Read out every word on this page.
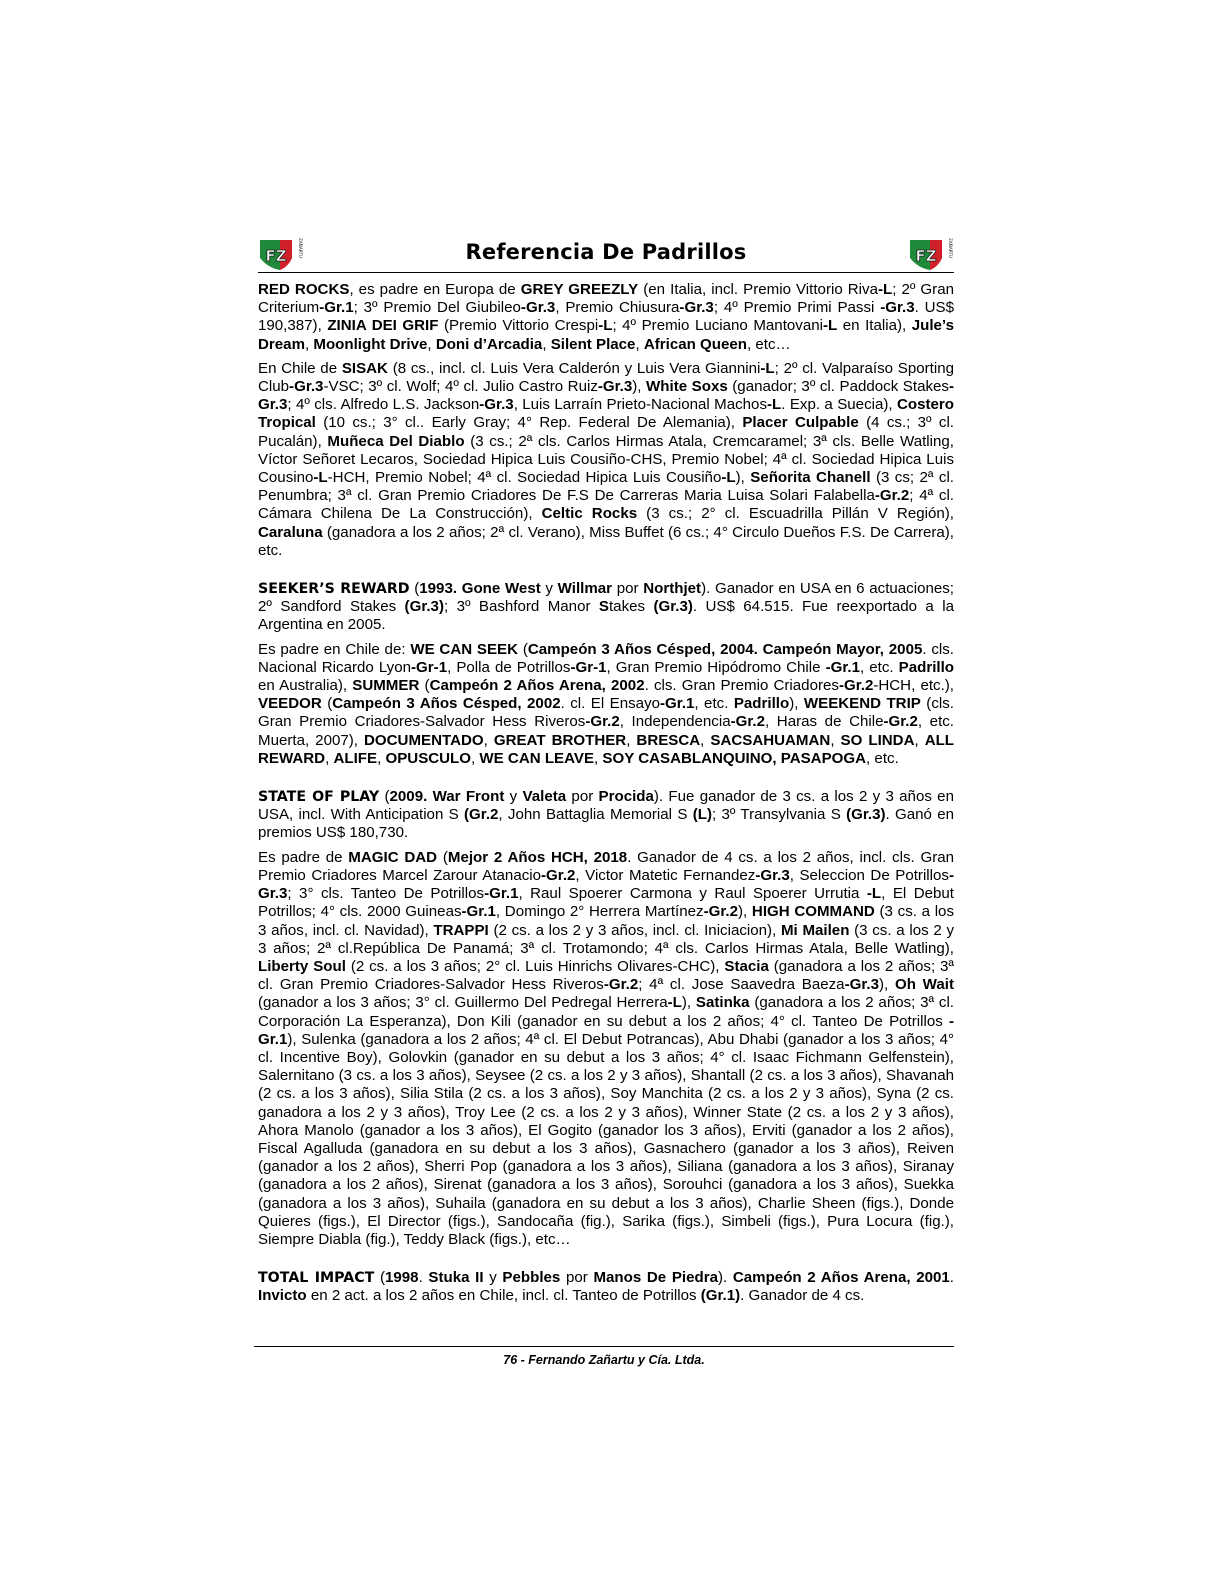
FZ	ZAÑARTU	Referencia De Padrillos	FZ	ZAÑARTU

RED ROCKS, es padre en Europa de GREY GREEZLY (en Italia, incl. Premio Vittorio Riva-L; 2º Gran Criterium-Gr.1; 3º Premio Del Giubileo-Gr.3, Premio Chiusura-Gr.3; 4º Premio Primi Passi -Gr.3. US$ 190,387), ZINIA DEI GRIF (Premio Vittorio Crespi-L; 4º Premio Luciano Mantovani-L en Italia), Jule’s Dream, Moonlight Drive, Doni d’Arcadia, Silent Place, African Queen, etc…

En Chile de SISAK (8 cs., incl. cl. Luis Vera Calderón y Luis Vera Giannini-L; 2º cl. Valparaíso Sporting Club-Gr.3-VSC; 3º cl. Wolf; 4º cl. Julio Castro Ruiz-Gr.3), White Soxs (ganador; 3º cl. Paddock Stakes-Gr.3; 4º cls. Alfredo L.S. Jackson-Gr.3, Luis Larraín Prieto-Nacional Machos-L. Exp. a Suecia), Costero Tropical (10 cs.; 3° cl.. Early Gray; 4° Rep. Federal De Alemania), Placer Culpable (4 cs.; 3º cl. Pucalán), Muñeca Del Diablo (3 cs.; 2ª cls. Carlos Hirmas Atala, Cremcaramel; 3ª cls. Belle Watling, Víctor Señoret Lecaros, Sociedad Hipica Luis Cousiño-CHS, Premio Nobel; 4ª cl. Sociedad Hipica Luis Cousino-L-HCH, Premio Nobel; 4ª cl. Sociedad Hipica Luis Cousiño-L), Señorita Chanell (3 cs; 2ª cl. Penumbra; 3ª cl. Gran Premio Criadores De F.S De Carreras Maria Luisa Solari Falabella-Gr.2; 4ª cl. Cámara Chilena De La Construcción), Celtic Rocks (3 cs.; 2° cl. Escuadrilla Pillán V Región), Caraluna (ganadora a los 2 años; 2ª cl. Verano), Miss Buffet (6 cs.; 4° Circulo Dueños F.S. De Carrera), etc.

SEEKER’S REWARD (1993. Gone West y Willmar por Northjet). Ganador en USA en 6 actuaciones; 2º Sandford Stakes (Gr.3); 3º Bashford Manor Stakes (Gr.3). US$ 64.515. Fue reexportado a la Argentina en 2005.

Es padre en Chile de: WE CAN SEEK (Campeón 3 Años Césped, 2004. Campeón Mayor, 2005. cls. Nacional Ricardo Lyon-Gr-1, Polla de Potrillos-Gr-1, Gran Premio Hipódromo Chile -Gr.1, etc. Padrillo en Australia), SUMMER (Campeón 2 Años Arena, 2002. cls. Gran Premio Criadores-Gr.2-HCH, etc.), VEEDOR (Campeón 3 Años Césped, 2002. cl. El Ensayo-Gr.1, etc. Padrillo), WEEKEND TRIP (cls. Gran Premio Criadores-Salvador Hess Riveros-Gr.2, Independencia-Gr.2, Haras de Chile-Gr.2, etc. Muerta, 2007), DOCUMENTADO, GREAT BROTHER, BRESCA, SACSAHUAMAN, SO LINDA, ALL REWARD, ALIFE, OPUSCULO, WE CAN LEAVE, SOY CASABLANQUINO, PASAPOGA, etc.

STATE OF PLAY (2009. War Front y Valeta por Procida). Fue ganador de 3 cs. a los 2 y 3 años en USA, incl. With Anticipation S (Gr.2, John Battaglia Memorial S (L); 3º Transylvania S (Gr.3). Ganó en premios US$ 180,730.

Es padre de MAGIC DAD (Mejor 2 Años HCH, 2018. Ganador de 4 cs. a los 2 años, incl. cls. Gran Premio Criadores Marcel Zarour Atanacio-Gr.2, Victor Matetic Fernandez-Gr.3, Seleccion De Potrillos-Gr.3; 3° cls. Tanteo De Potrillos-Gr.1, Raul Spoerer Carmona y Raul Spoerer Urrutia -L, El Debut Potrillos; 4° cls. 2000 Guineas-Gr.1, Domingo 2° Herrera Martínez-Gr.2), HIGH COMMAND (3 cs. a los 3 años, incl. cl. Navidad), TRAPPI (2 cs. a los 2 y 3 años, incl. cl. Iniciacion), Mi Mailen (3 cs. a los 2 y 3 años; 2ª cl.República De Panamá; 3ª cl. Trotamondo; 4ª cls. Carlos Hirmas Atala, Belle Watling), Liberty Soul (2 cs. a los 3 años; 2° cl. Luis Hinrichs Olivares-CHC), Stacia (ganadora a los 2 años; 3ª cl. Gran Premio Criadores-Salvador Hess Riveros-Gr.2; 4ª cl. Jose Saavedra Baeza-Gr.3), Oh Wait (ganador a los 3 años; 3° cl. Guillermo Del Pedregal Herrera-L), Satinka (ganadora a los 2 años; 3ª cl. Corporación La Esperanza), Don Kili (ganador en su debut a los 2 años; 4° cl. Tanteo De Potrillos -Gr.1), Sulenka (ganadora a los 2 años; 4ª cl. El Debut Potrancas), Abu Dhabi (ganador a los 3 años; 4° cl. Incentive Boy), Golovkin (ganador en su debut a los 3 años; 4° cl. Isaac Fichmann Gelfenstein), Salernitano (3 cs. a los 3 años), Seysee (2 cs. a los 2 y 3 años), Shantall (2 cs. a los 3 años), Shavanah (2 cs. a los 3 años), Silia Stila (2 cs. a los 3 años), Soy Manchita (2 cs. a los 2 y 3 años), Syna (2 cs. ganadora a los 2 y 3 años), Troy Lee (2 cs. a los 2 y 3 años), Winner State (2 cs. a los 2 y 3 años), Ahora Manolo (ganador a los 3 años), El Gogito (ganador los 3 años), Erviti (ganador a los 2 años), Fiscal Agalluda (ganadora en su debut a los 3 años), Gasnachero (ganador a los 3 años), Reiven (ganador a los 2 años), Sherri Pop (ganadora a los 3 años), Siliana (ganadora a los 3 años), Siranay (ganadora a los 2 años), Sirenat (ganadora a los 3 años), Sorouhci (ganadora a los 3 años), Suekka (ganadora a los 3 años), Suhaila (ganadora en su debut a los 3 años), Charlie Sheen (figs.), Donde Quieres (figs.), El Director (figs.), Sandocaña (fig.), Sarika (figs.), Simbeli (figs.), Pura Locura (fig.), Siempre Diabla (fig.), Teddy Black (figs.), etc…

TOTAL IMPACT (1998. Stuka II y Pebbles por Manos De Piedra). Campeón 2 Años Arena, 2001. Invicto en 2 act. a los 2 años en Chile, incl. cl. Tanteo de Potrillos (Gr.1). Ganador de 4 cs.

76 - Fernando Zañartu y Cía. Ltda.
